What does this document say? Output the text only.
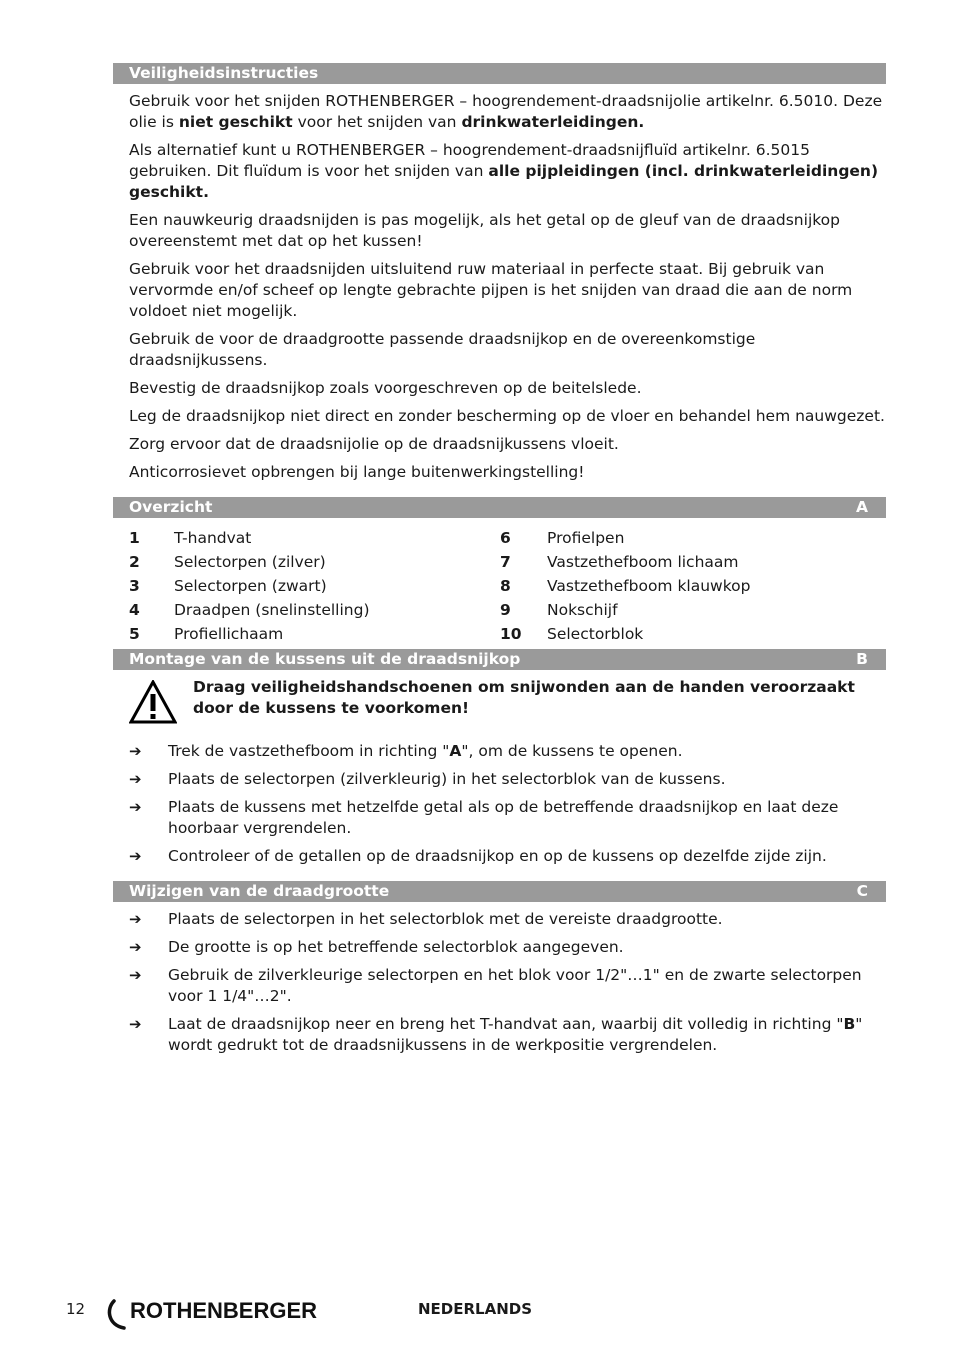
Veiligheidsinstructies
Gebruik voor het snijden ROTHENBERGER – hoogrendement-draadsnijolie artikelnr. 6.5010. Deze olie is niet geschikt voor het snijden van drinkwaterleidingen.
Als alternatief kunt u ROTHENBERGER – hoogrendement-draadsnijfluïd artikelnr. 6.5015 gebruiken. Dit fluïdum is voor het snijden van alle pijpleidingen (incl. drinkwaterleidingen) geschikt.
Een nauwkeurig draadsnijden is pas mogelijk, als het getal op de gleuf van de draadsnijkop overeenstemt met dat op het kussen!
Gebruik voor het draadsnijden uitsluitend ruw materiaal in perfecte staat. Bij gebruik van vervormde en/of scheef op lengte gebrachte pijpen is het snijden van draad die aan de norm voldoet niet mogelijk.
Gebruik de voor de draadgrootte passende draadsnijkop en de overeenkomstige draadsnijkussens.
Bevestig de draadsnijkop zoals voorgeschreven op de beitelslede.
Leg de draadsnijkop niet direct en zonder bescherming op de vloer en behandel hem nauwgezet.
Zorg ervoor dat de draadsnijolie op de draadsnijkussens vloeit.
Anticorrosievet opbrengen bij lange buitenwerkingstelling!
Overzicht	A
1	T-handvat
2	Selectorpen (zilver)
3	Selectorpen (zwart)
4	Draadpen (snelinstelling)
5	Profiellichaam
6	Profielpen
7	Vastzethefboom lichaam
8	Vastzethefboom klauwkop
9	Nokschijf
10	Selectorblok
Montage van de kussens uit de draadsnijkop	B
Draag veiligheidshandschoenen om snijwonden aan de handen veroorzaakt door de kussens te voorkomen!
➔	Trek de vastzethefboom in richting "A", om de kussens te openen.
➔	Plaats de selectorpen (zilverkleurig) in het selectorblok van de kussens.
➔	Plaats de kussens met hetzelfde getal als op de betreffende draadsnijkop en laat deze hoorbaar vergrendelen.
➔	Controleer of de getallen op de draadsnijkop en op de kussens op dezelfde zijde zijn.
Wijzigen van de draadgrootte	C
➔	Plaats de selectorpen in het selectorblok met de vereiste draadgrootte.
➔	De grootte is op het betreffende selectorblok aangegeven.
➔	Gebruik de zilverkleurige selectorpen en het blok voor 1/2"…1" en de zwarte selectorpen voor 1 1/4"…2".
➔	Laat de draadsnijkop neer en breng het T-handvat aan, waarbij dit volledig in richting "B" wordt gedrukt tot de draadsnijkussens in de werkpositie vergrendelen.
12 ROTHENBERGER	NEDERLANDS
